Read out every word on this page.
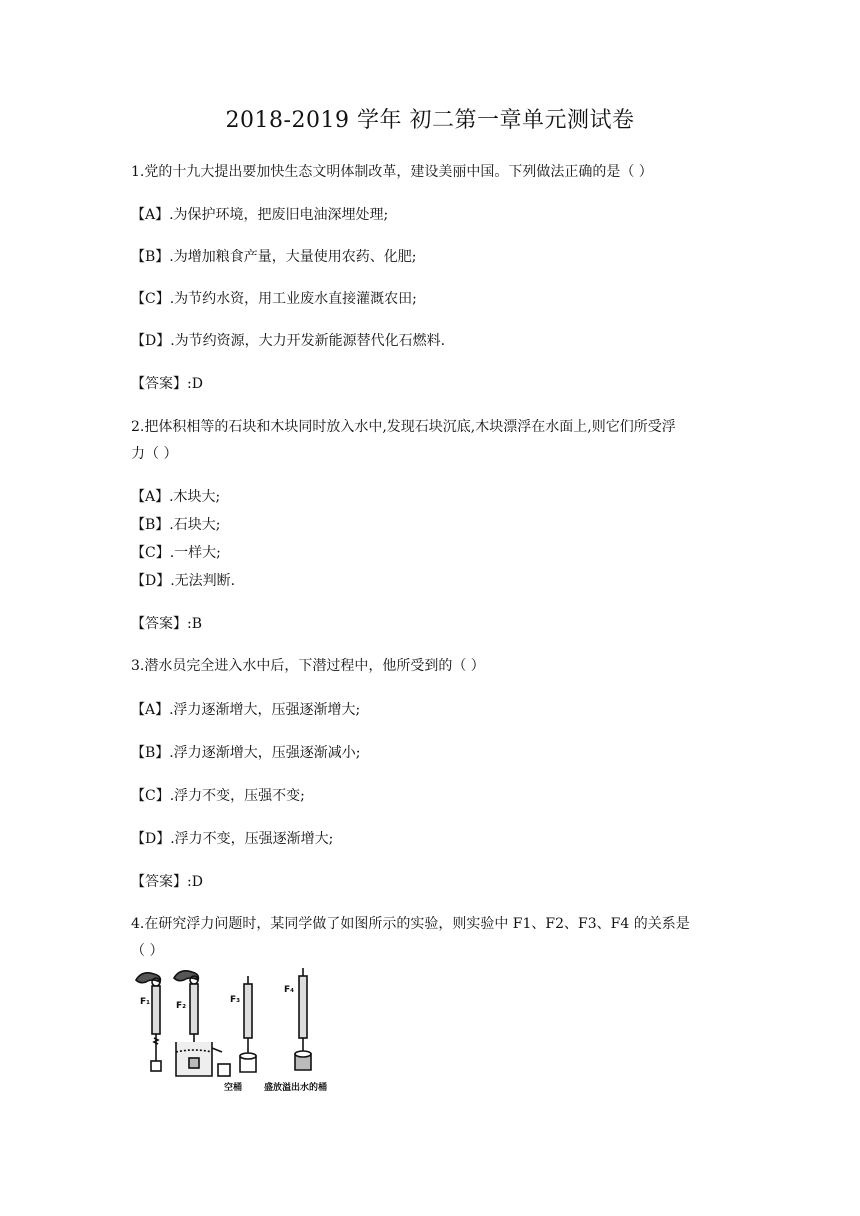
2018-2019 学年 初二第一章单元测试卷
1.党的十九大提出要加快生态文明体制改革，建设美丽中国。下列做法正确的是（ ）
【A】.为保护环境，把废旧电油深埋处理;
【B】.为增加粮食产量，大量使用农药、化肥;
【C】.为节约水资，用工业废水直接灌溉农田;
【D】.为节约资源，大力开发新能源替代化石燃料.
【答案】:D
2.把体积相等的石块和木块同时放入水中,发现石块沉底,木块漂浮在水面上,则它们所受浮
力（ ）
【A】.木块大;
【B】.石块大;
【C】.一样大;
【D】.无法判断.
【答案】:B
3.潜水员完全进入水中后，下潜过程中，他所受到的（ ）
【A】.浮力逐渐增大，压强逐渐增大;
【B】.浮力逐渐增大，压强逐渐减小;
【C】.浮力不变，压强不变;
【D】.浮力不变，压强逐渐增大;
【答案】:D
4.在研究浮力问题时，某同学做了如图所示的实验，则实验中 F1、F2、F3、F4 的关系是
（ ）
F₁	F₂
F₃
F₄
空桶 盛放溢出水的桶
